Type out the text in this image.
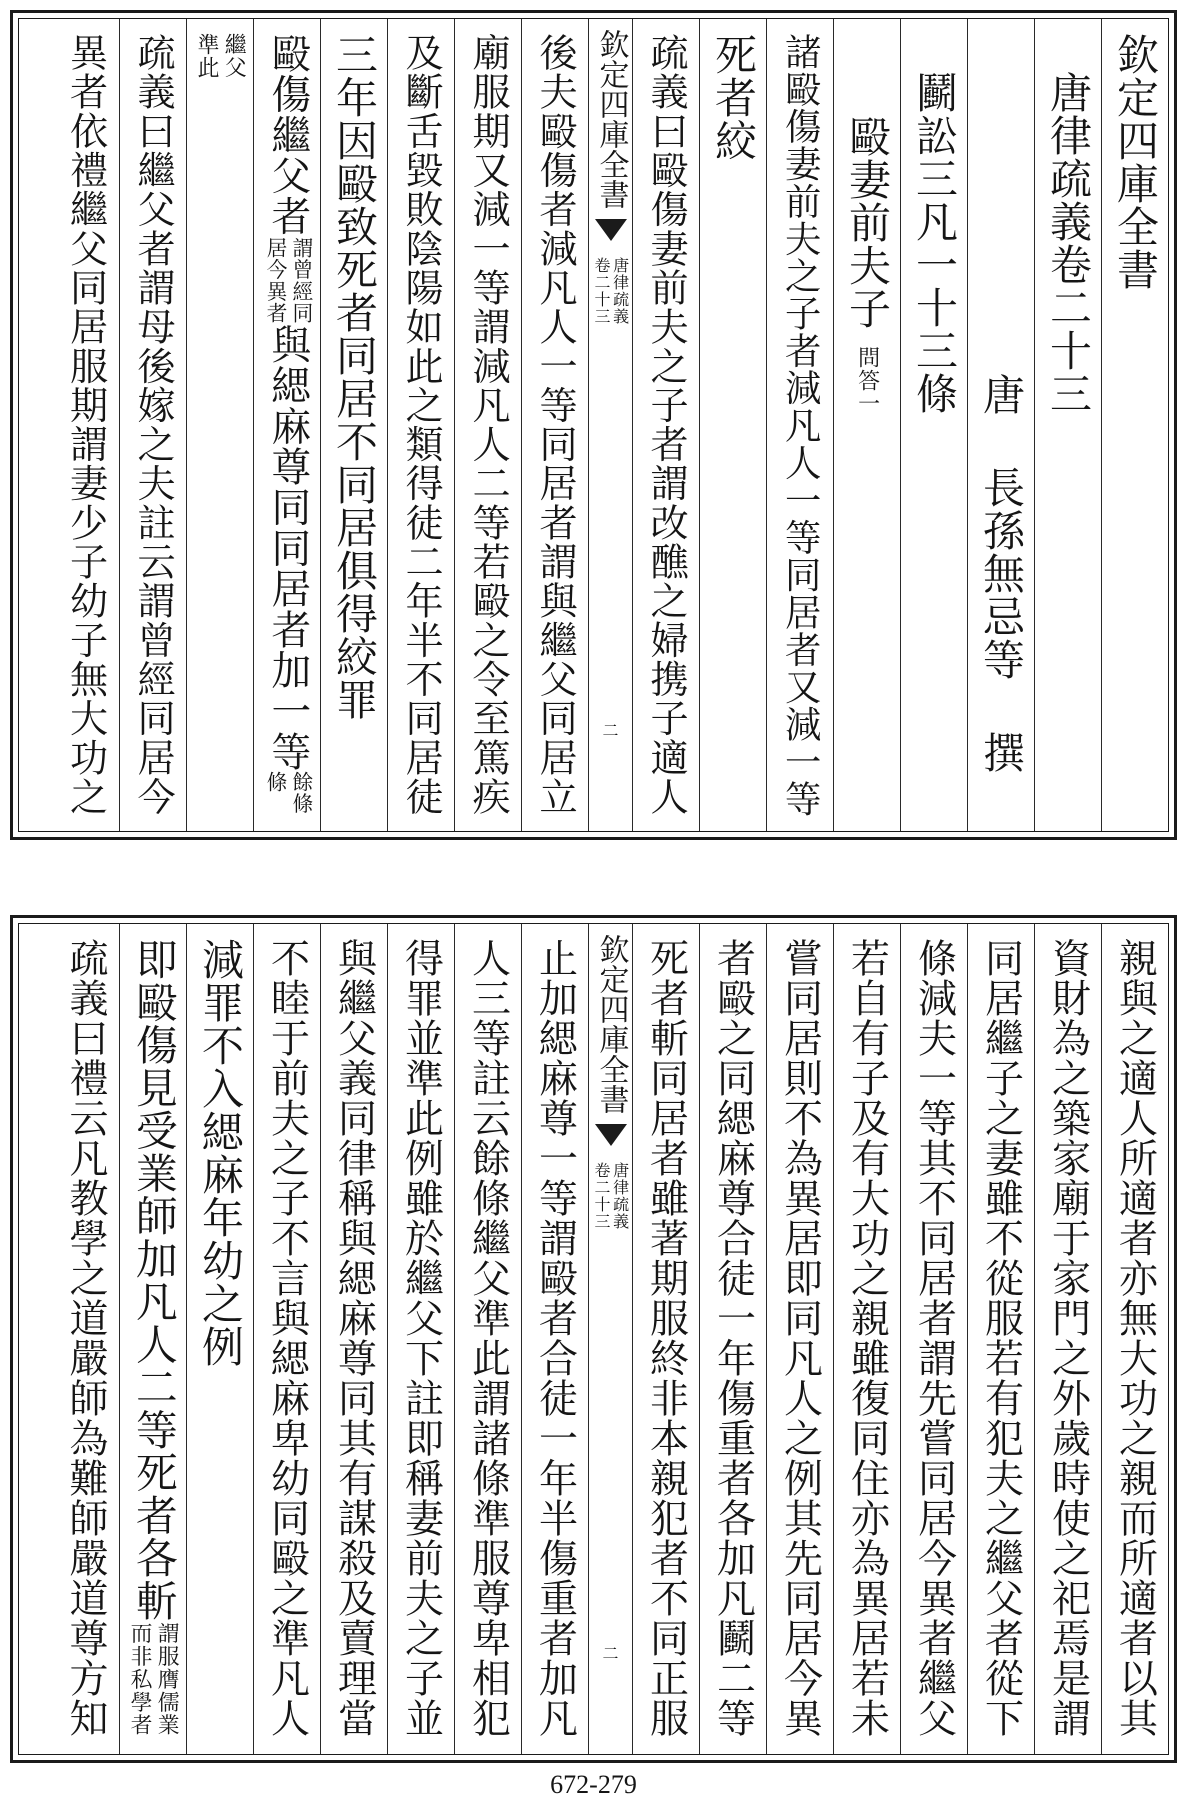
欽定四庫全書
唐律疏義卷二十三
唐 長孫無忌等 撰
鬬訟三凡一十三條
毆妻前夫子
問答一
諸毆傷妻前夫之子者減凡人一等同居者又減一等
死者絞
疏義曰毆傷妻前夫之子者謂改醮之婦携子適人
欽定四庫全書
唐律疏義
卷二十三
二
後夫毆傷者減凡人一等同居者謂與繼父同居立
廟服期又減一等謂減凡人二等若毆之令至篤疾
及斷舌毀敗陰陽如此之類得徒二年半不同居徒
三年因毆致死者同居不同居俱得絞罪
毆傷繼父者
謂曾經同
居今異者
與緦麻尊同同居者加一等
餘條
條
繼父
準此
疏義曰繼父者謂母後嫁之夫註云謂曾經同居今
異者依禮繼父同居服期謂妻少子幼子無大功之
親與之適人所適者亦無大功之親而所適者以其
資財為之築家廟于家門之外歲時使之祀焉是謂
同居繼子之妻雖不從服若有犯夫之繼父者從下
條減夫一等其不同居者謂先嘗同居今異者繼父
若自有子及有大功之親雖復同住亦為異居若未
嘗同居則不為異居即同凡人之例其先同居今異
者毆之同緦麻尊合徒一年傷重者各加凡鬬二等
死者斬同居者雖著期服終非本親犯者不同正服
欽定四庫全書
唐律疏義
卷二十三
二
止加緦麻尊一等謂毆者合徒一年半傷重者加凡
人三等註云餘條繼父準此謂諸條準服尊卑相犯
得罪並準此例雖於繼父下註即稱妻前夫之子並
與繼父義同律稱與緦麻尊同其有謀殺及賣理當
不睦于前夫之子不言與緦麻卑幼同毆之準凡人
減罪不入緦麻年幼之例
即毆傷見受業師加凡人二等死者各斬
謂服膺儒業
而非私學者
疏義曰禮云凡教學之道嚴師為難師嚴道尊方知
672-279
